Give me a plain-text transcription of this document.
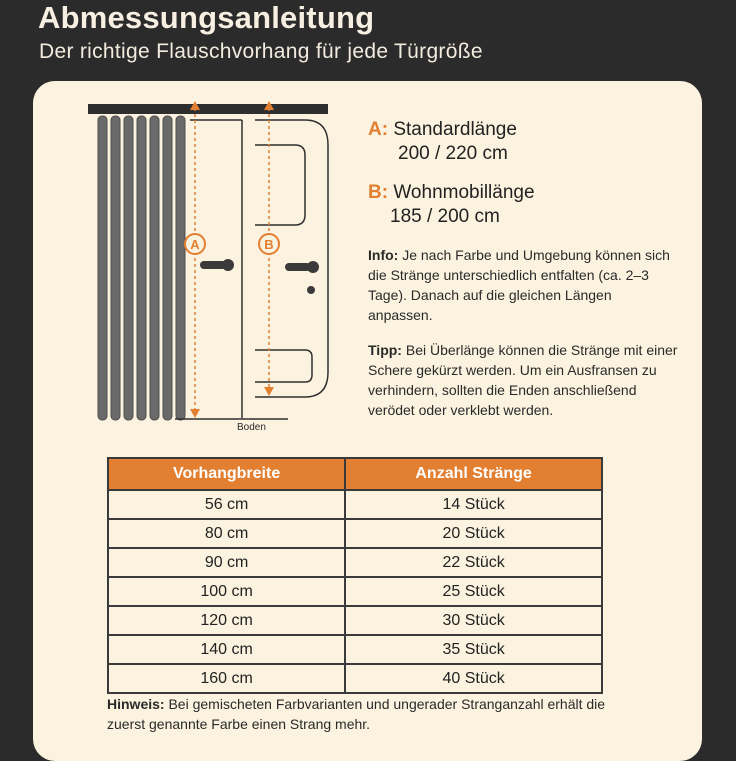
Abmessungsanleitung
Der richtige Flauschvorhang für jede Türgröße
Boden
A	B
A: Standardlänge
200 / 220 cm
B: Wohnmobillänge
185 / 200 cm
Info: Je nach Farbe und Umgebung können sich die Stränge unterschiedlich entfalten (ca. 2–3 Tage). Danach auf die gleichen Längen anpassen.
Tipp: Bei Überlänge können die Stränge mit einer Schere gekürzt werden. Um ein Ausfransen zu verhindern, sollten die Enden anschließend verödet oder verklebt werden.
Vorhangbreite	Anzahl Stränge
56 cm	14 Stück
80 cm	20 Stück
90 cm	22 Stück
100 cm	25 Stück
120 cm	30 Stück
140 cm	35 Stück
160 cm	40 Stück
Hinweis: Bei gemischeten Farbvarianten und ungerader Stranganzahl erhält die zuerst genannte Farbe einen Strang mehr.
